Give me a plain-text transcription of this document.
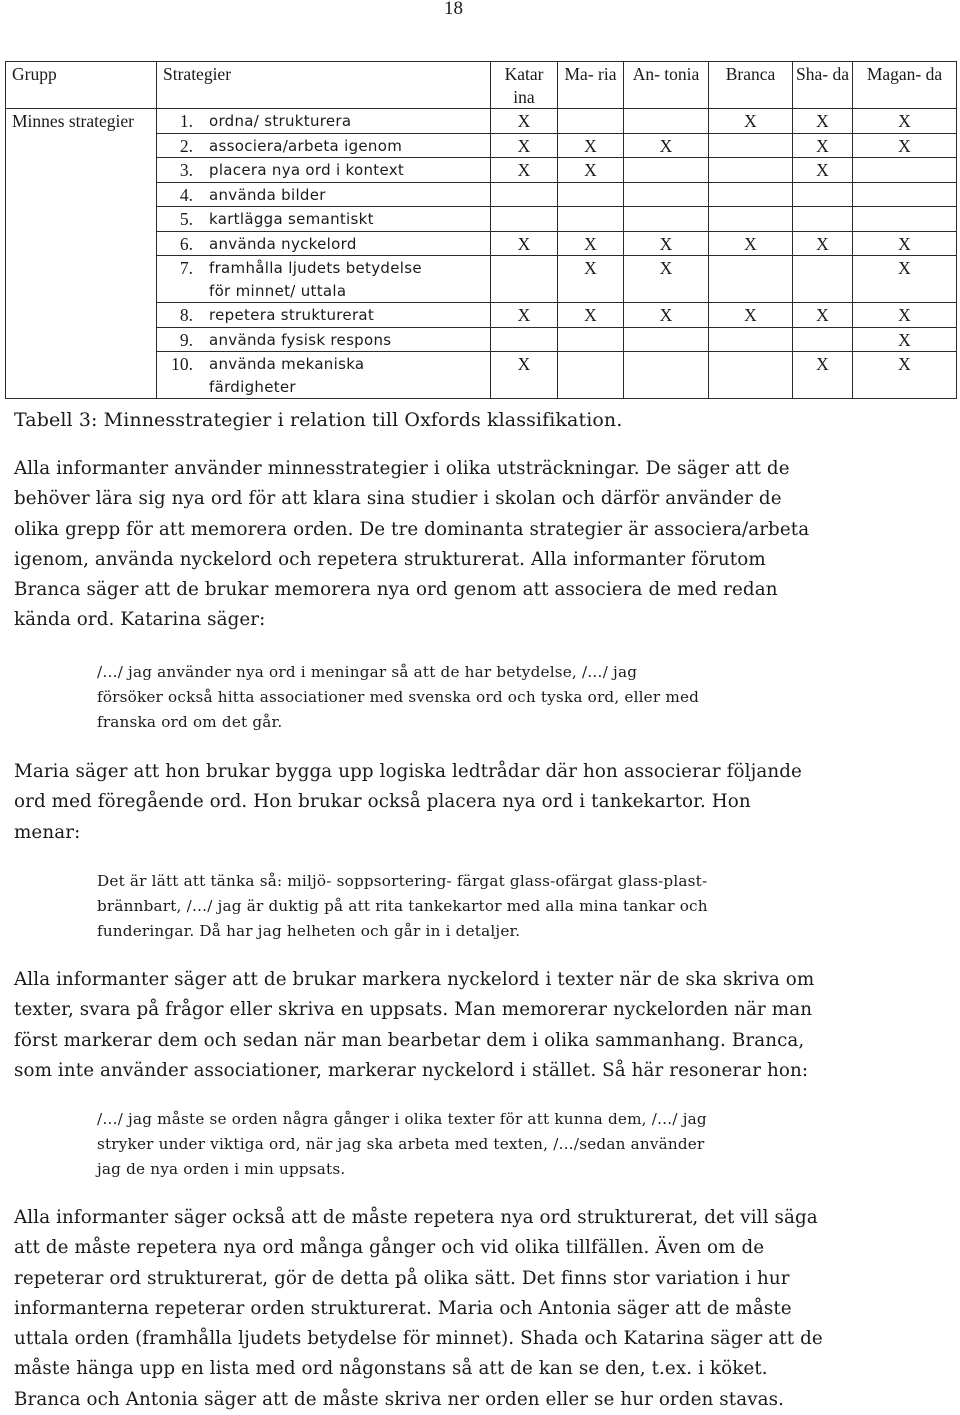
18
Grupp	Strategier	Katar ina	Ma- ria	An- tonia	Branca	Sha- da	Magan- da
Minnes strategier	1. ordna/ strukturera	X			X	X	X

	2. associera/arbeta igenom	X	X	X		X	X

	3. placera nya ord i kontext	X	X			X	

	4. använda bilder						

	5. kartlägga semantiskt						

	6. använda nyckelord	X	X	X	X	X	X

	7. framhålla ljudets betydelse
för minnet/ uttala		X	X			X

	8. repetera strukturerat	X	X	X	X	X	X

	9. använda fysisk respons						X

	10. använda mekaniska
färdigheter	X				X	X
Tabell 3: Minnesstrategier i relation till Oxfords klassifikation.

Alla informanter använder minnesstrategier i olika utsträckningar. De säger att de
behöver lära sig nya ord för att klara sina studier i skolan och därför använder de
olika grepp för att memorera orden. De tre dominanta strategier är associera/arbeta
igenom, använda nyckelord och repetera strukturerat. Alla informanter förutom
Branca säger att de brukar memorera nya ord genom att associera de med redan
kända ord. Katarina säger:

/…/ jag använder nya ord i meningar så att de har betydelse, /…/ jag
försöker också hitta associationer med svenska ord och tyska ord, eller med
franska ord om det går.

Maria säger att hon brukar bygga upp logiska ledtrådar där hon associerar följande
ord med föregående ord. Hon brukar också placera nya ord i tankekartor. Hon
menar:

Det är lätt att tänka så: miljö- soppsortering- färgat glass-ofärgat glass-plast-
brännbart, /…/ jag är duktig på att rita tankekartor med alla mina tankar och
funderingar. Då har jag helheten och går in i detaljer.

Alla informanter säger att de brukar markera nyckelord i texter när de ska skriva om
texter, svara på frågor eller skriva en uppsats. Man memorerar nyckelorden när man
först markerar dem och sedan när man bearbetar dem i olika sammanhang. Branca,
som inte använder associationer, markerar nyckelord i stället. Så här resonerar hon:

/…/ jag måste se orden några gånger i olika texter för att kunna dem, /…/ jag
stryker under viktiga ord, när jag ska arbeta med texten, /…/sedan använder
jag de nya orden i min uppsats.

Alla informanter säger också att de måste repetera nya ord strukturerat, det vill säga
att de måste repetera nya ord många gånger och vid olika tillfällen. Även om de
repeterar ord strukturerat, gör de detta på olika sätt. Det finns stor variation i hur
informanterna repeterar orden strukturerat. Maria och Antonia säger att de måste
uttala orden (framhålla ljudets betydelse för minnet). Shada och Katarina säger att de
måste hänga upp en lista med ord någonstans så att de kan se den, t.ex. i köket.
Branca och Antonia säger att de måste skriva ner orden eller se hur orden stavas.
